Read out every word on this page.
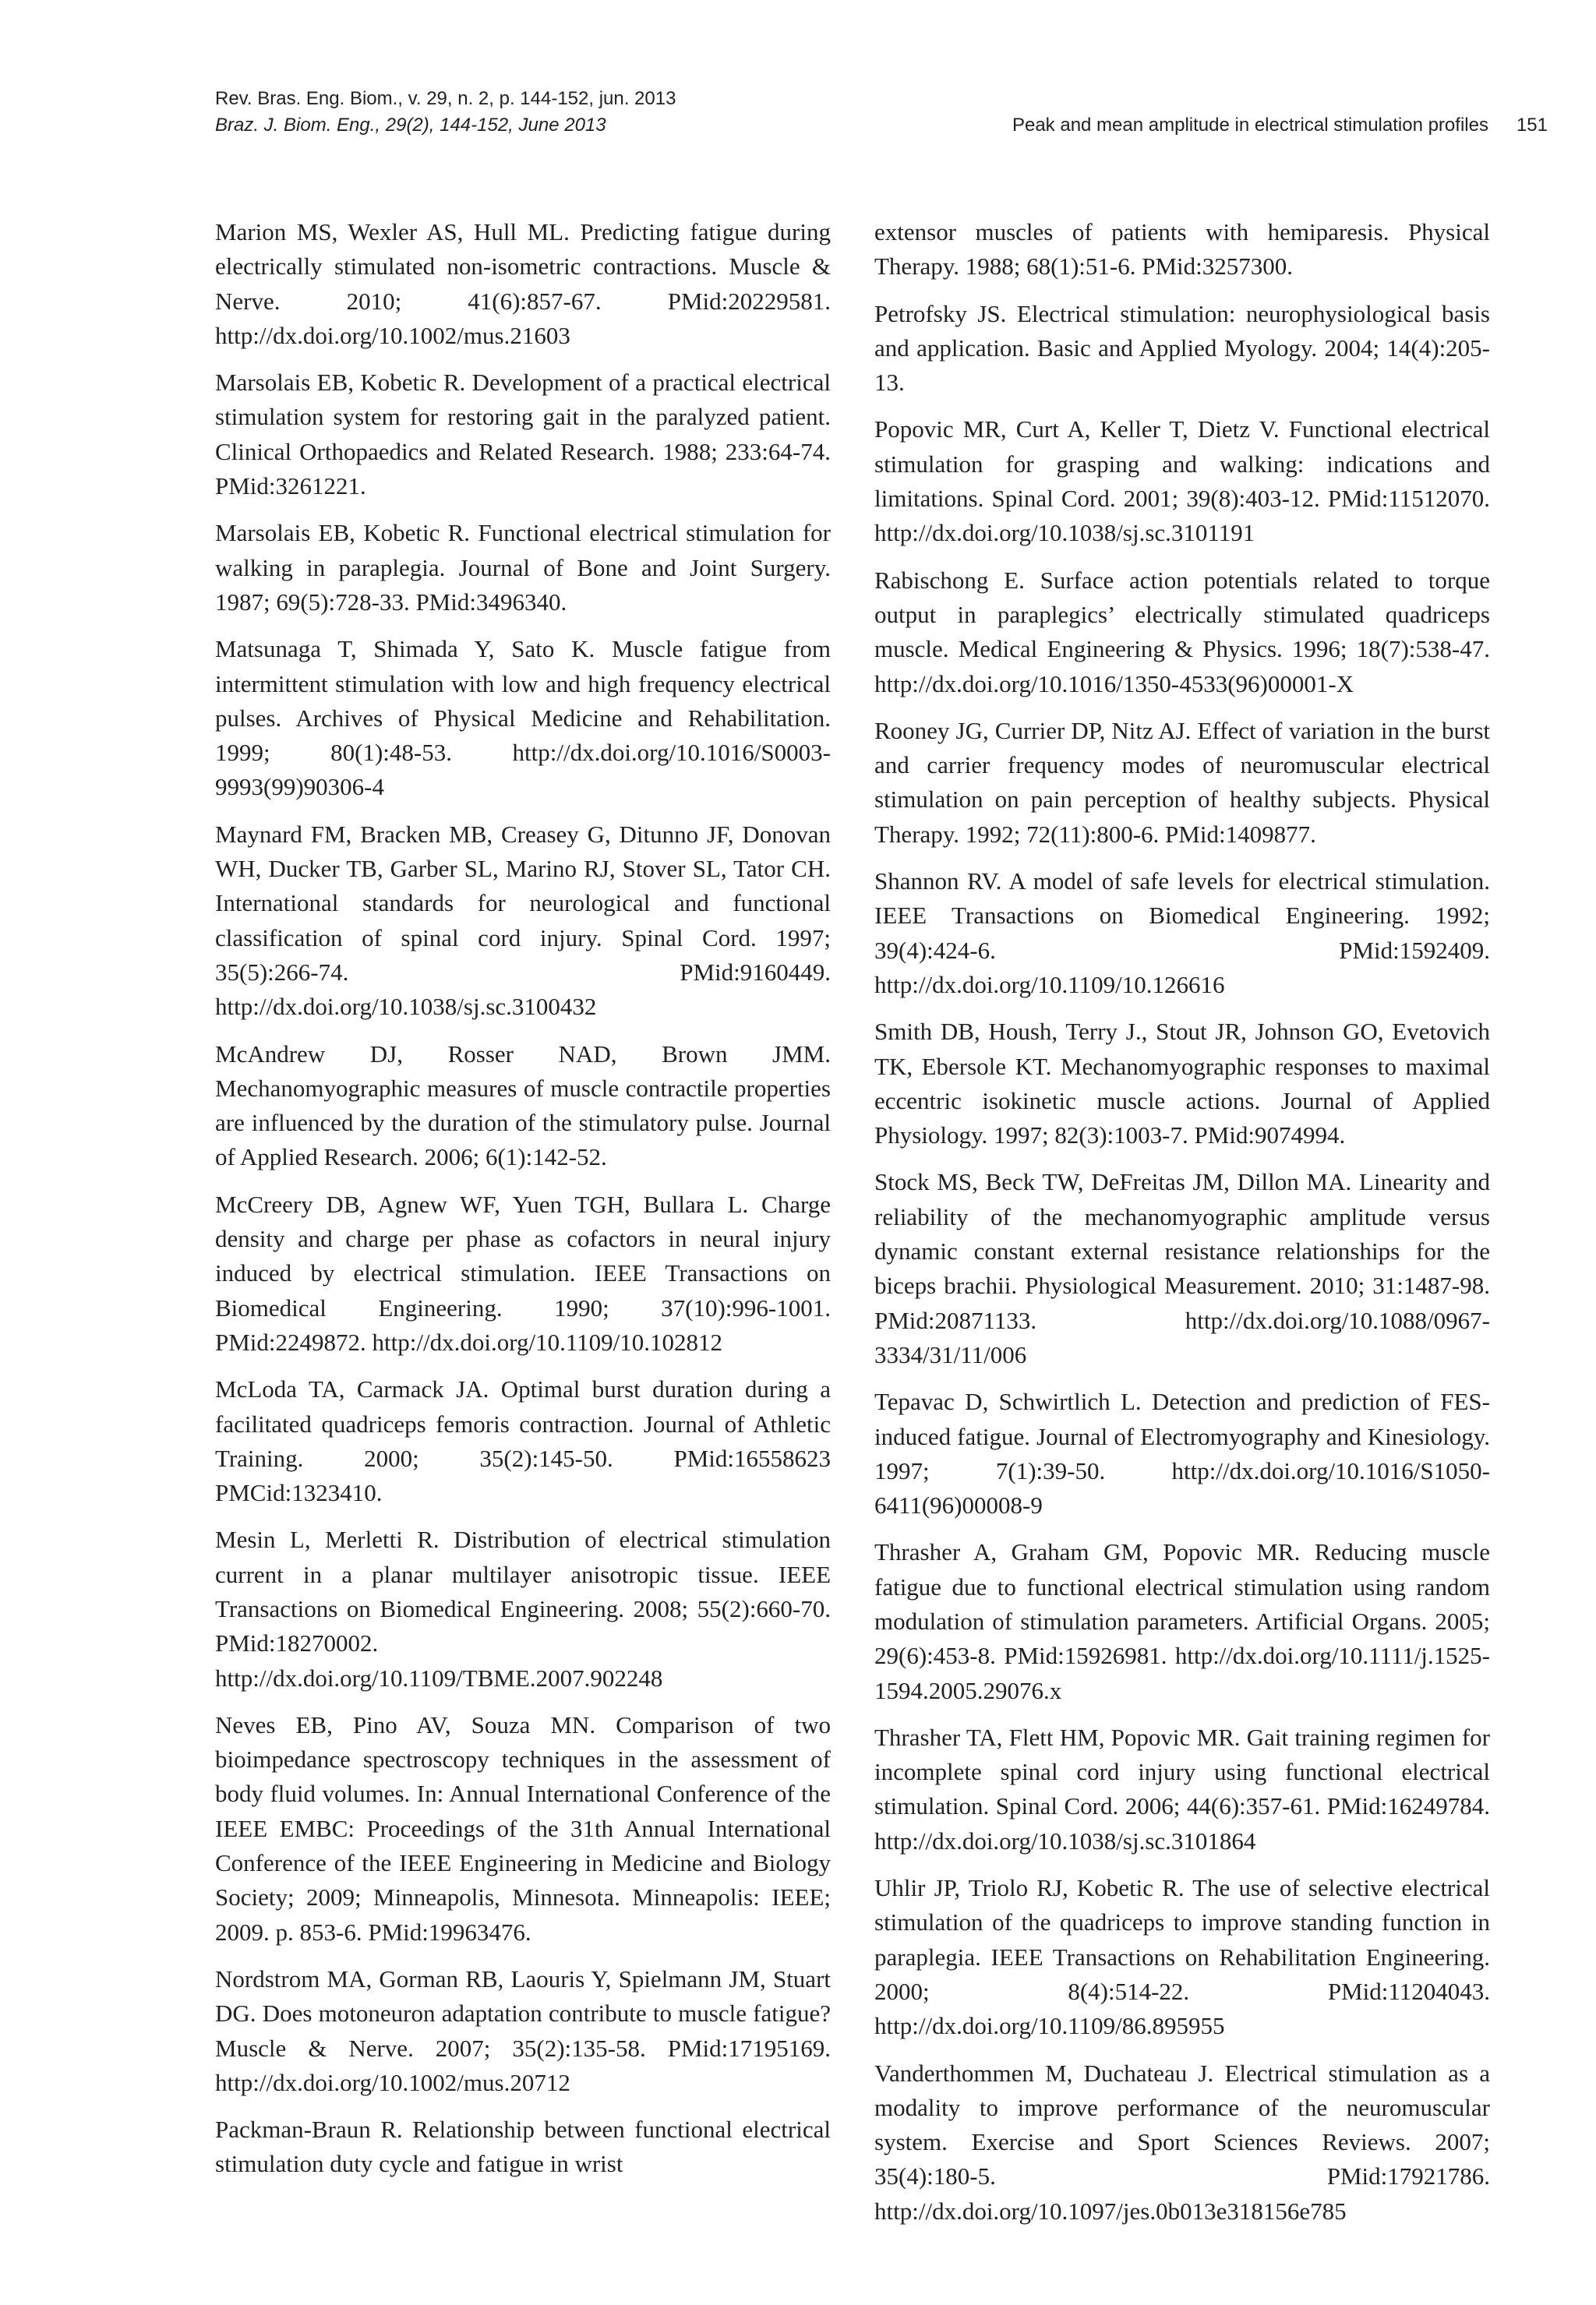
Rev. Bras. Eng. Biom., v. 29, n. 2, p. 144-152, jun. 2013
Braz. J. Biom. Eng., 29(2), 144-152, June 2013	Peak and mean amplitude in electrical stimulation profiles 151

Marion MS, Wexler AS, Hull ML. Predicting fatigue during electrically stimulated non-isometric contractions. Muscle & Nerve. 2010; 41(6):857-67. PMid:20229581. http://dx.doi.org/10.1002/mus.21603

Marsolais EB, Kobetic R. Development of a practical electrical stimulation system for restoring gait in the paralyzed patient. Clinical Orthopaedics and Related Research. 1988; 233:64-74. PMid:3261221.

Marsolais EB, Kobetic R. Functional electrical stimulation for walking in paraplegia. Journal of Bone and Joint Surgery. 1987; 69(5):728-33. PMid:3496340.

Matsunaga T, Shimada Y, Sato K. Muscle fatigue from intermittent stimulation with low and high frequency electrical pulses. Archives of Physical Medicine and Rehabilitation. 1999; 80(1):48-53. http://dx.doi.org/10.1016/S0003-9993(99)90306-4

Maynard FM, Bracken MB, Creasey G, Ditunno JF, Donovan WH, Ducker TB, Garber SL, Marino RJ, Stover SL, Tator CH. International standards for neurological and functional classification of spinal cord injury. Spinal Cord. 1997; 35(5):266-74. PMid:9160449. http://dx.doi.org/10.1038/sj.sc.3100432

McAndrew DJ, Rosser NAD, Brown JMM. Mechanomyographic measures of muscle contractile properties are influenced by the duration of the stimulatory pulse. Journal of Applied Research. 2006; 6(1):142-52.

McCreery DB, Agnew WF, Yuen TGH, Bullara L. Charge density and charge per phase as cofactors in neural injury induced by electrical stimulation. IEEE Transactions on Biomedical Engineering. 1990; 37(10):996-1001. PMid:2249872. http://dx.doi.org/10.1109/10.102812

McLoda TA, Carmack JA. Optimal burst duration during a facilitated quadriceps femoris contraction. Journal of Athletic Training. 2000; 35(2):145-50. PMid:16558623 PMCid:1323410.

Mesin L, Merletti R. Distribution of electrical stimulation current in a planar multilayer anisotropic tissue. IEEE Transactions on Biomedical Engineering. 2008; 55(2):660-70. PMid:18270002. http://dx.doi.org/10.1109/TBME.2007.902248

Neves EB, Pino AV, Souza MN. Comparison of two bioimpedance spectroscopy techniques in the assessment of body fluid volumes. In: Annual International Conference of the IEEE EMBC: Proceedings of the 31th Annual International Conference of the IEEE Engineering in Medicine and Biology Society; 2009; Minneapolis, Minnesota. Minneapolis: IEEE; 2009. p. 853-6. PMid:19963476.

Nordstrom MA, Gorman RB, Laouris Y, Spielmann JM, Stuart DG. Does motoneuron adaptation contribute to muscle fatigue? Muscle & Nerve. 2007; 35(2):135-58. PMid:17195169. http://dx.doi.org/10.1002/mus.20712

Packman-Braun R. Relationship between functional electrical stimulation duty cycle and fatigue in wrist

extensor muscles of patients with hemiparesis. Physical Therapy. 1988; 68(1):51-6. PMid:3257300.

Petrofsky JS. Electrical stimulation: neurophysiological basis and application. Basic and Applied Myology. 2004; 14(4):205-13.

Popovic MR, Curt A, Keller T, Dietz V. Functional electrical stimulation for grasping and walking: indications and limitations. Spinal Cord. 2001; 39(8):403-12. PMid:11512070. http://dx.doi.org/10.1038/sj.sc.3101191

Rabischong E. Surface action potentials related to torque output in paraplegics’ electrically stimulated quadriceps muscle. Medical Engineering & Physics. 1996; 18(7):538-47. http://dx.doi.org/10.1016/1350-4533(96)00001-X

Rooney JG, Currier DP, Nitz AJ. Effect of variation in the burst and carrier frequency modes of neuromuscular electrical stimulation on pain perception of healthy subjects. Physical Therapy. 1992; 72(11):800-6. PMid:1409877.

Shannon RV. A model of safe levels for electrical stimulation. IEEE Transactions on Biomedical Engineering. 1992; 39(4):424-6. PMid:1592409. http://dx.doi.org/10.1109/10.126616

Smith DB, Housh, Terry J., Stout JR, Johnson GO, Evetovich TK, Ebersole KT. Mechanomyographic responses to maximal eccentric isokinetic muscle actions. Journal of Applied Physiology. 1997; 82(3):1003-7. PMid:9074994.

Stock MS, Beck TW, DeFreitas JM, Dillon MA. Linearity and reliability of the mechanomyographic amplitude versus dynamic constant external resistance relationships for the biceps brachii. Physiological Measurement. 2010; 31:1487-98. PMid:20871133. http://dx.doi.org/10.1088/0967-3334/31/11/006

Tepavac D, Schwirtlich L. Detection and prediction of FES-induced fatigue. Journal of Electromyography and Kinesiology. 1997; 7(1):39-50. http://dx.doi.org/10.1016/S1050-6411(96)00008-9

Thrasher A, Graham GM, Popovic MR. Reducing muscle fatigue due to functional electrical stimulation using random modulation of stimulation parameters. Artificial Organs. 2005; 29(6):453-8. PMid:15926981. http://dx.doi.org/10.1111/j.1525-1594.2005.29076.x

Thrasher TA, Flett HM, Popovic MR. Gait training regimen for incomplete spinal cord injury using functional electrical stimulation. Spinal Cord. 2006; 44(6):357-61. PMid:16249784. http://dx.doi.org/10.1038/sj.sc.3101864

Uhlir JP, Triolo RJ, Kobetic R. The use of selective electrical stimulation of the quadriceps to improve standing function in paraplegia. IEEE Transactions on Rehabilitation Engineering. 2000; 8(4):514-22. PMid:11204043. http://dx.doi.org/10.1109/86.895955

Vanderthommen M, Duchateau J. Electrical stimulation as a modality to improve performance of the neuromuscular system. Exercise and Sport Sciences Reviews. 2007; 35(4):180-5. PMid:17921786. http://dx.doi.org/10.1097/jes.0b013e318156e785
